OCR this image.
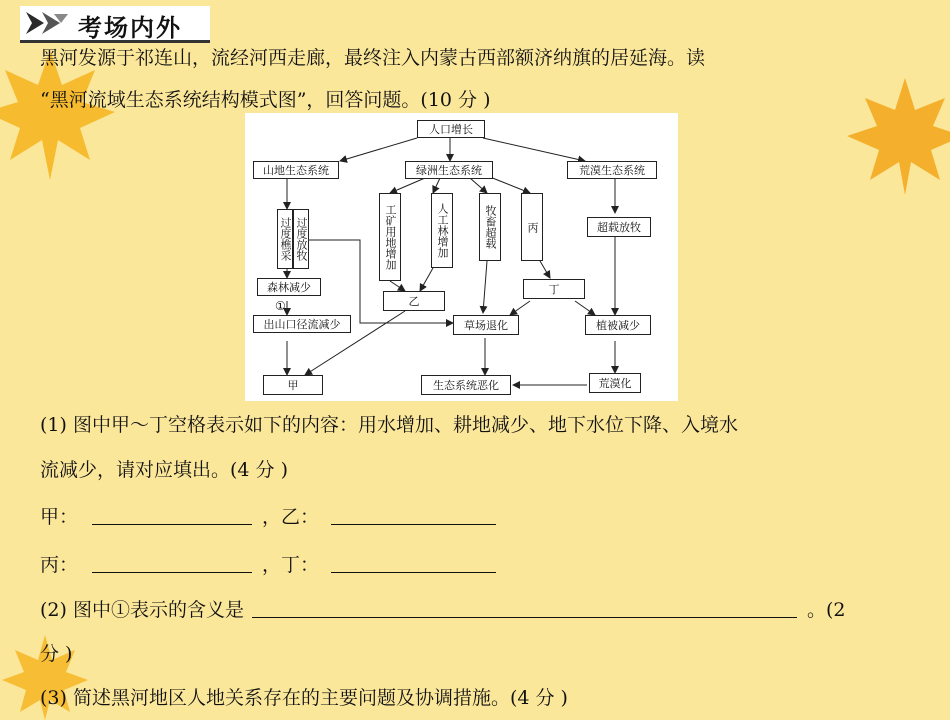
考场内外
黑河发源于祁连山，流经河西走廊，最终注入内蒙古西部额济纳旗的居延海。读
“黑河流域生态系统结构模式图”，回答问题。(10 分 )
人口增长
山地生态系统	绿洲生态系统	荒漠生态系统
过度樵采 过度放牧
森林减少
①
出山口径流减少
甲
工矿用地增加	人工林增加	牧畜超载	丙
乙
丁
草场退化
生态系统恶化
超载放牧
植被减少
荒漠化
(1) 图中甲～丁空格表示如下的内容：用水增加、耕地减少、地下水位下降、入境水
流减少，请对应填出。(4 分 )
甲：	，乙：
丙：	，丁：
(2) 图中①表示的含义是	。(2
分 )
(3) 简述黑河地区人地关系存在的主要问题及协调措施。(4 分 )
